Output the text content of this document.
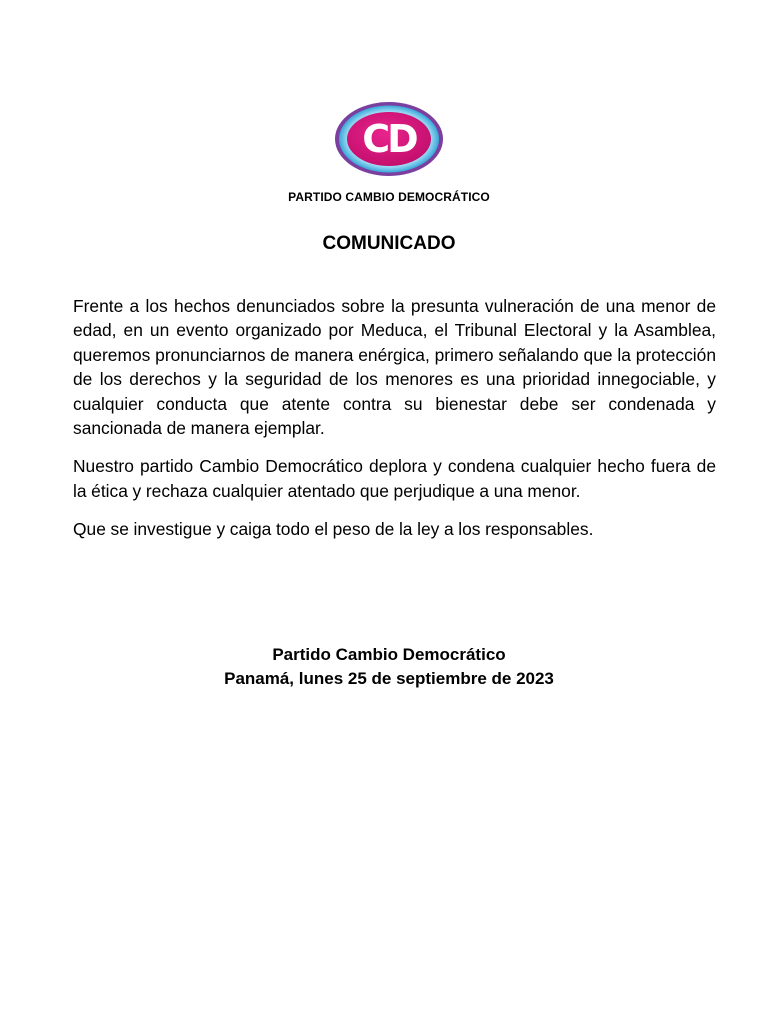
CD
PARTIDO CAMBIO DEMOCRÁTICO
COMUNICADO

Frente a los hechos denunciados sobre la presunta vulneración de una menor de edad, en un evento organizado por Meduca, el Tribunal Electoral y la Asamblea, queremos pronunciarnos de manera enérgica, primero señalando que la protección de los derechos y la seguridad de los menores es una prioridad innegociable, y cualquier conducta que atente contra su bienestar debe ser condenada y sancionada de manera ejemplar.

Nuestro partido Cambio Democrático deplora y condena cualquier hecho fuera de la ética y rechaza cualquier atentado que perjudique a una menor.

Que se investigue y caiga todo el peso de la ley a los responsables.

Partido Cambio Democrático
Panamá, lunes 25 de septiembre de 2023
